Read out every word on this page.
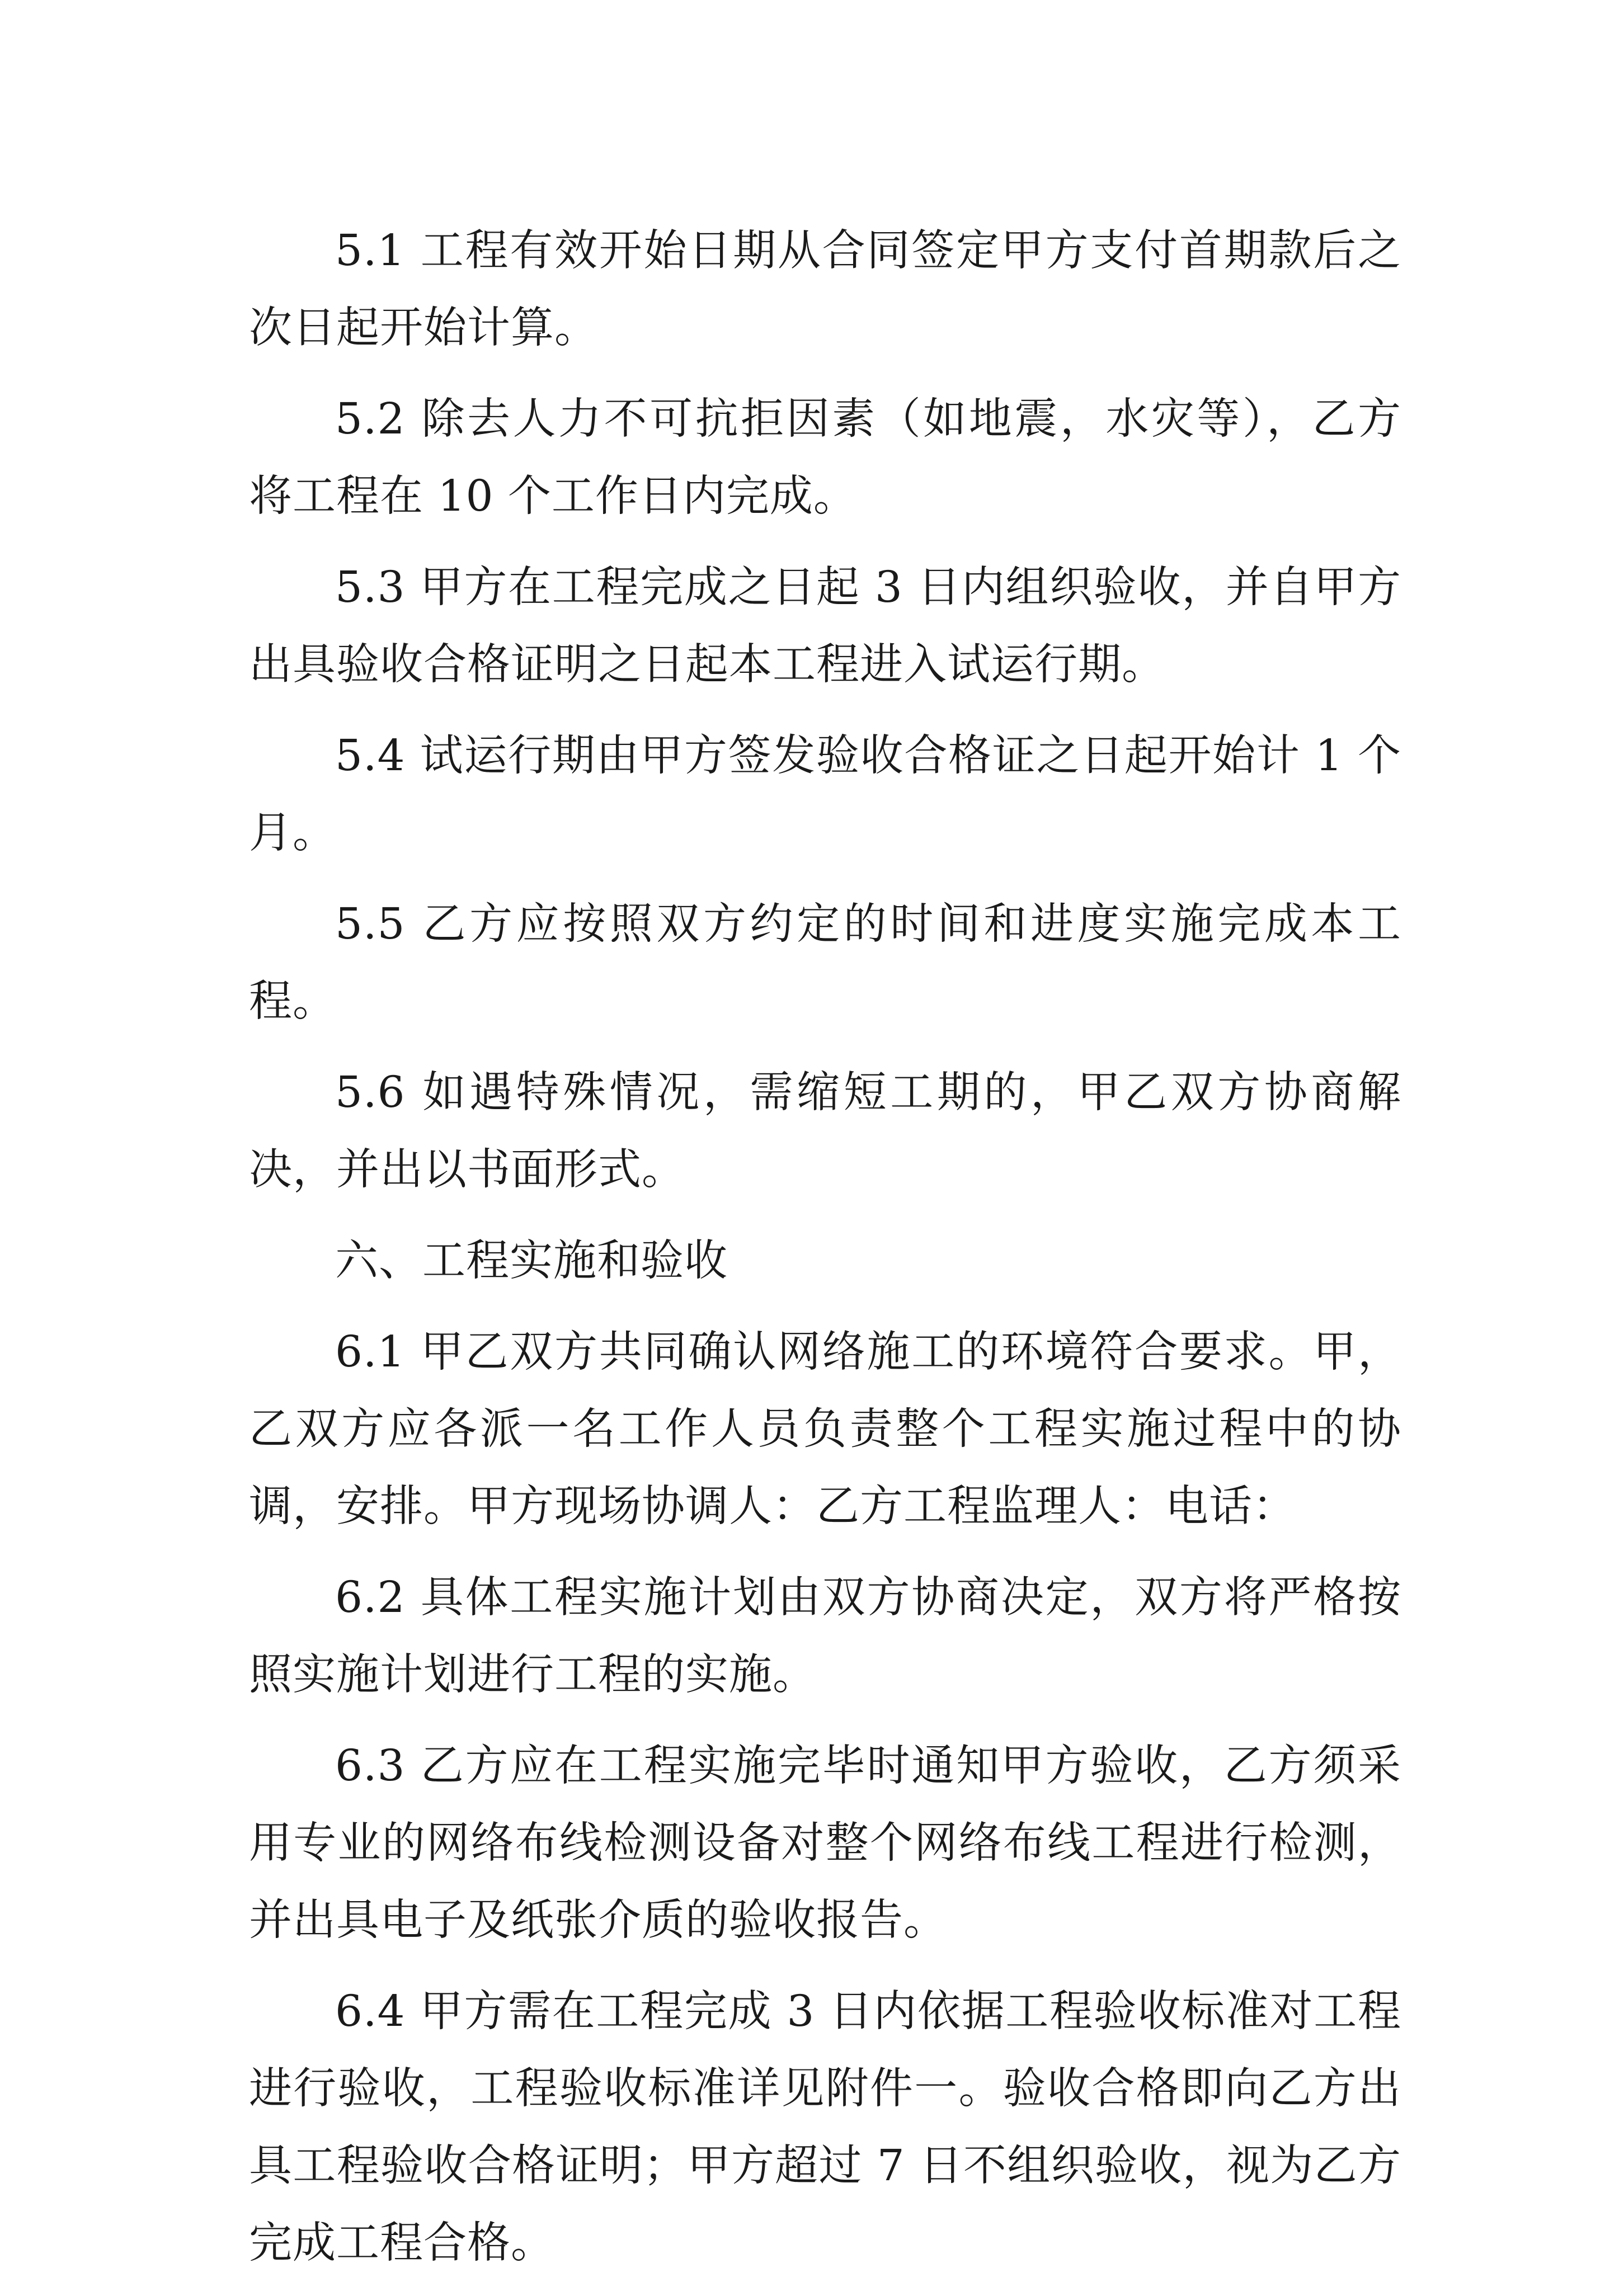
5.1 工程有效开始日期从合同签定甲方支付首期款后之次日起开始计算。

5.2 除去人力不可抗拒因素（如地震，水灾等），乙方将工程在 10 个工作日内完成。

5.3 甲方在工程完成之日起 3 日内组织验收，并自甲方出具验收合格证明之日起本工程进入试运行期。

5.4 试运行期由甲方签发验收合格证之日起开始计 1 个月。

5.5 乙方应按照双方约定的时间和进度实施完成本工程。

5.6 如遇特殊情况，需缩短工期的，甲乙双方协商解决，并出以书面形式。

六、工程实施和验收

6.1 甲乙双方共同确认网络施工的环境符合要求。甲，乙双方应各派一名工作人员负责整个工程实施过程中的协调，安排。甲方现场协调人：乙方工程监理人：电话：

6.2 具体工程实施计划由双方协商决定，双方将严格按照实施计划进行工程的实施。

6.3 乙方应在工程实施完毕时通知甲方验收，乙方须采用专业的网络布线检测设备对整个网络布线工程进行检测，并出具电子及纸张介质的验收报告。

6.4 甲方需在工程完成 3 日内依据工程验收标准对工程进行验收，工程验收标准详见附件一。验收合格即向乙方出具工程验收合格证明；甲方超过 7 日不组织验收，视为乙方完成工程合格。
